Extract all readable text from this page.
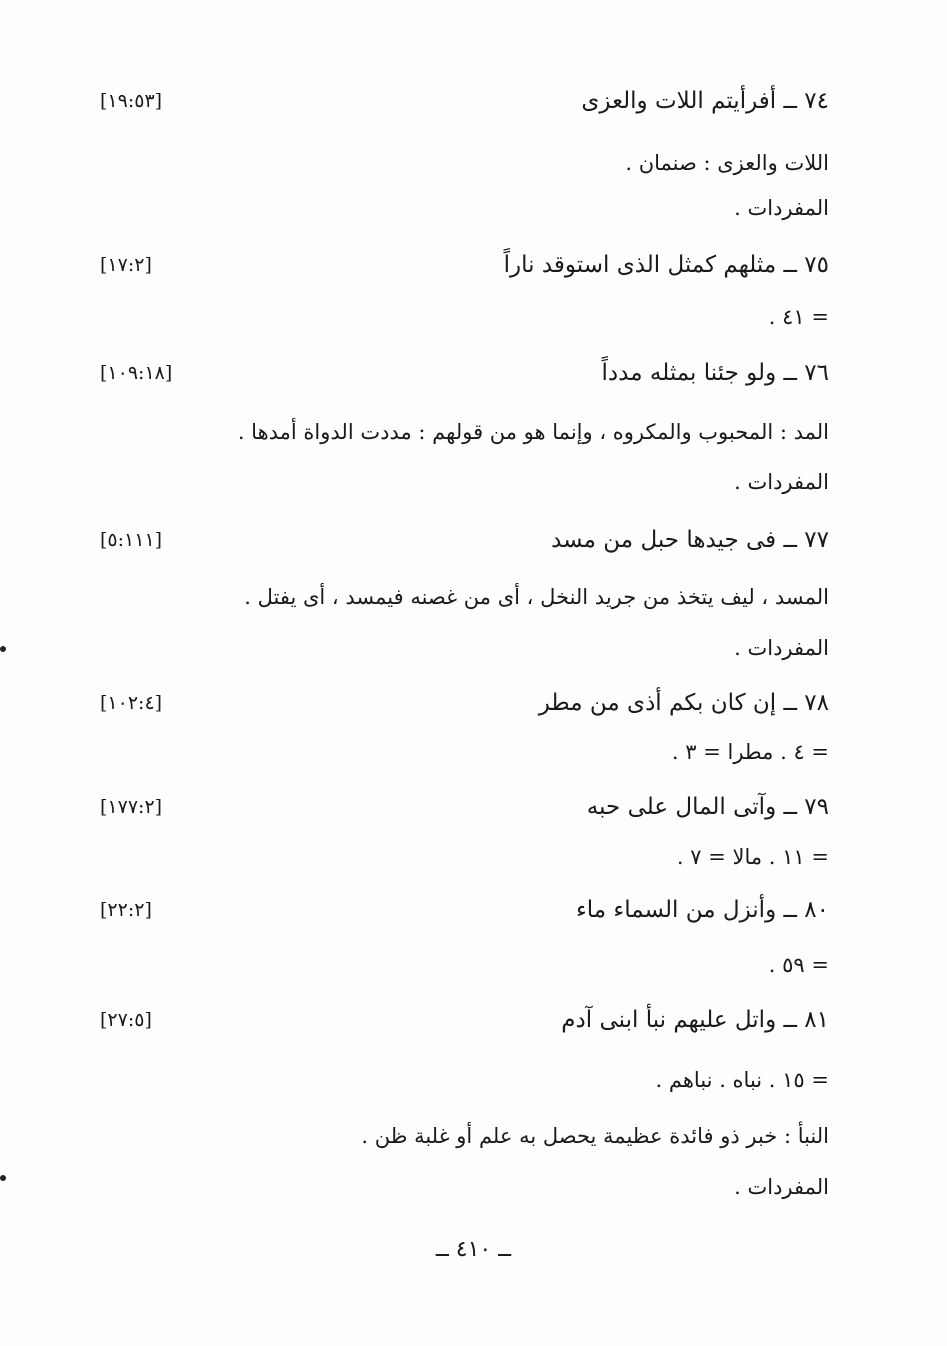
٧٤ ــ أفرأيتم اللات والعزى
[١٩:٥٣]
اللات والعزى : صنمان .
المفردات .
٧٥ ــ مثلهم كمثل الذى استوقد ناراً
[١٧:٢]
= ٤١ .
٧٦ ــ ولو جئنا بمثله مدداً
[١٠٩:١٨]
المد : المحبوب والمكروه ، وإنما هو من قولهم : مددت الدواة أمدها .
المفردات .
٧٧ ــ فى جيدها حبل من مسد
[٥:١١١]
المسد ، ليف يتخذ من جريد النخل ، أى من غصنه فيمسد ، أى يفتل .
المفردات .
٧٨ ــ إن كان بكم أذى من مطر
[١٠٢:٤]
= ٤ . مطرا = ٣ .
٧٩ ــ وآتى المال على حبه
[١٧٧:٢]
= ١١ . مالا = ٧ .
٨٠ ــ وأنزل من السماء ماء
[٢٢:٢]
= ٥٩ .
٨١ ــ واتل عليهم نبأ ابنى آدم
[٢٧:٥]
= ١٥ . نباه . نباهم .
النبأ : خبر ذو فائدة عظيمة يحصل به علم أو غلبة ظن .
المفردات .
ــ ٤١٠ ــ
